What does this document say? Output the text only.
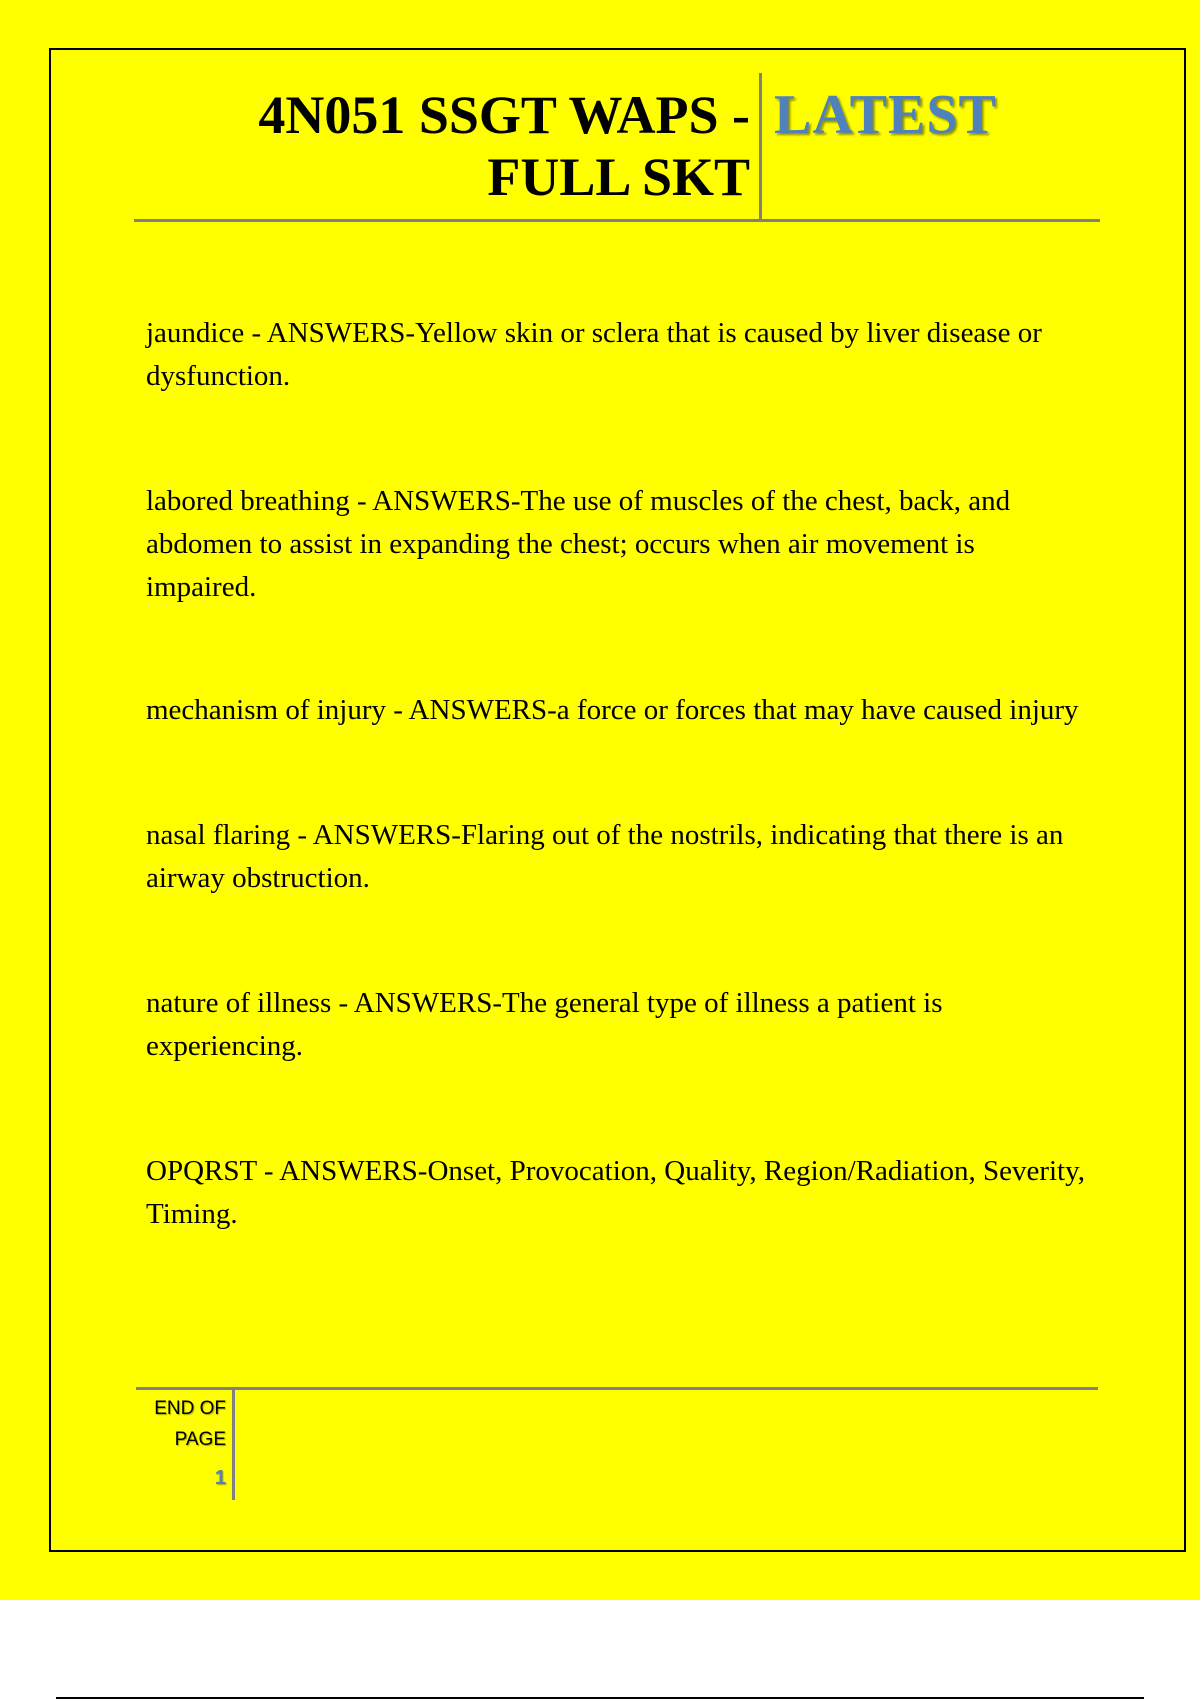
4N051 SSGT WAPS -
FULL SKT
LATEST

jaundice - ANSWERS-Yellow skin or sclera that is caused by liver disease or dysfunction.

labored breathing - ANSWERS-The use of muscles of the chest, back, and abdomen to assist in expanding the chest; occurs when air movement is impaired.

mechanism of injury - ANSWERS-a force or forces that may have caused injury

nasal flaring - ANSWERS-Flaring out of the nostrils, indicating that there is an airway obstruction.

nature of illness - ANSWERS-The general type of illness a patient is experiencing.

OPQRST - ANSWERS-Onset, Provocation, Quality, Region/Radiation, Severity, Timing.

END OF
PAGE
1
